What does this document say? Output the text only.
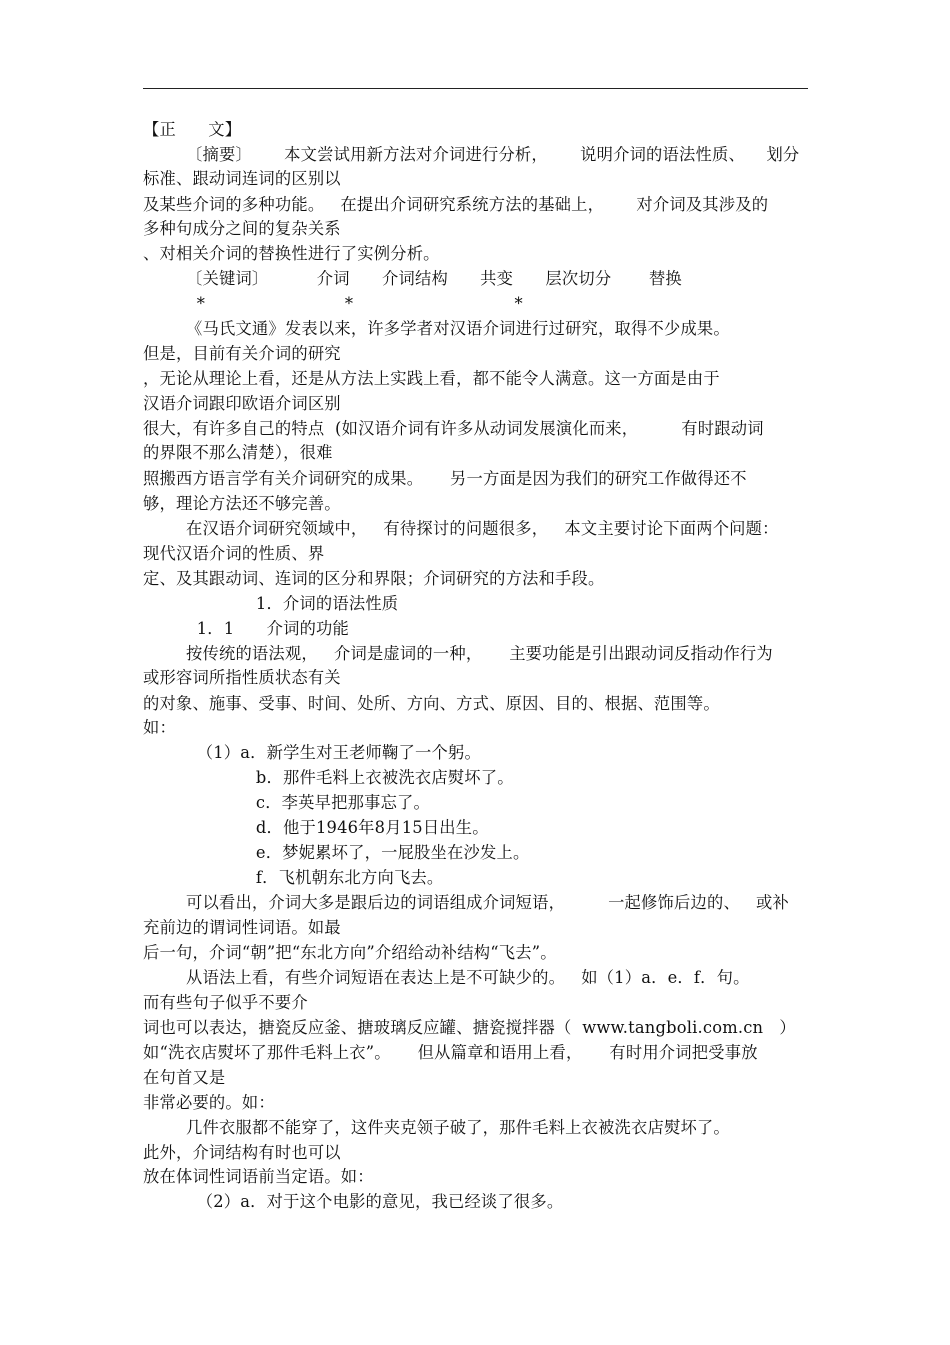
【正      文】
〔摘要〕      本文尝试用新方法对介词进行分析，      说明介词的语法性质、    划分
标准、跟动词连词的区别以
及某些介词的多种功能。   在提出介词研究系统方法的基础上，      对介词及其涉及的
多种句成分之间的复杂关系
、对相关介词的替换性进行了实例分析。
〔关键词〕         介词      介词结构      共变      层次切分       替换
*                          *                              *
《马氏文通》发表以来，许多学者对汉语介词进行过研究，取得不少成果。
但是，目前有关介词的研究
，无论从理论上看，还是从方法上实践上看，都不能令人满意。这一方面是由于
汉语介词跟印欧语介词区别
很大，有许多自己的特点  (如汉语介词有许多从动词发展演化而来，        有时跟动词
的界限不那么清楚），很难
照搬西方语言学有关介词研究的成果。     另一方面是因为我们的研究工作做得还不
够，理论方法还不够完善。
在汉语介词研究领域中，   有待探讨的问题很多，   本文主要讨论下面两个问题：
现代汉语介词的性质、界
定、及其跟动词、连词的区分和界限；介词研究的方法和手段。
1．介词的语法性质
1．1      介词的功能
按传统的语法观，   介词是虚词的一种，     主要功能是引出跟动词反指动作行为
或形容词所指性质状态有关
的对象、施事、受事、时间、处所、方向、方式、原因、目的、根据、范围等。
如：
（1）a．新学生对王老师鞠了一个躬。
b．那件毛料上衣被洗衣店熨坏了。
c．李英早把那事忘了。
d．他于1946年8月15日出生。
e．梦妮累坏了，一屁股坐在沙发上。
f．飞机朝东北方向飞去。
可以看出，介词大多是跟后边的词语组成介词短语，        一起修饰后边的、   或补
充前边的谓词性词语。如最
后一句，介词“朝”把“东北方向”介绍给动补结构“飞去”。
从语法上看，有些介词短语在表达上是不可缺少的。   如（1）a．e．f．句。
而有些句子似乎不要介
词也可以表达，搪瓷反应釜、搪玻璃反应罐、搪瓷搅拌器（  www.tangboli.com.cn   ）
如“洗衣店熨坏了那件毛料上衣”。     但从篇章和语用上看，     有时用介词把受事放
在句首又是
非常必要的。如：
几件衣服都不能穿了，这件夹克领子破了，那件毛料上衣被洗衣店熨坏了。
此外，介词结构有时也可以
放在体词性词语前当定语。如：
（2）a．对于这个电影的意见，我已经谈了很多。
